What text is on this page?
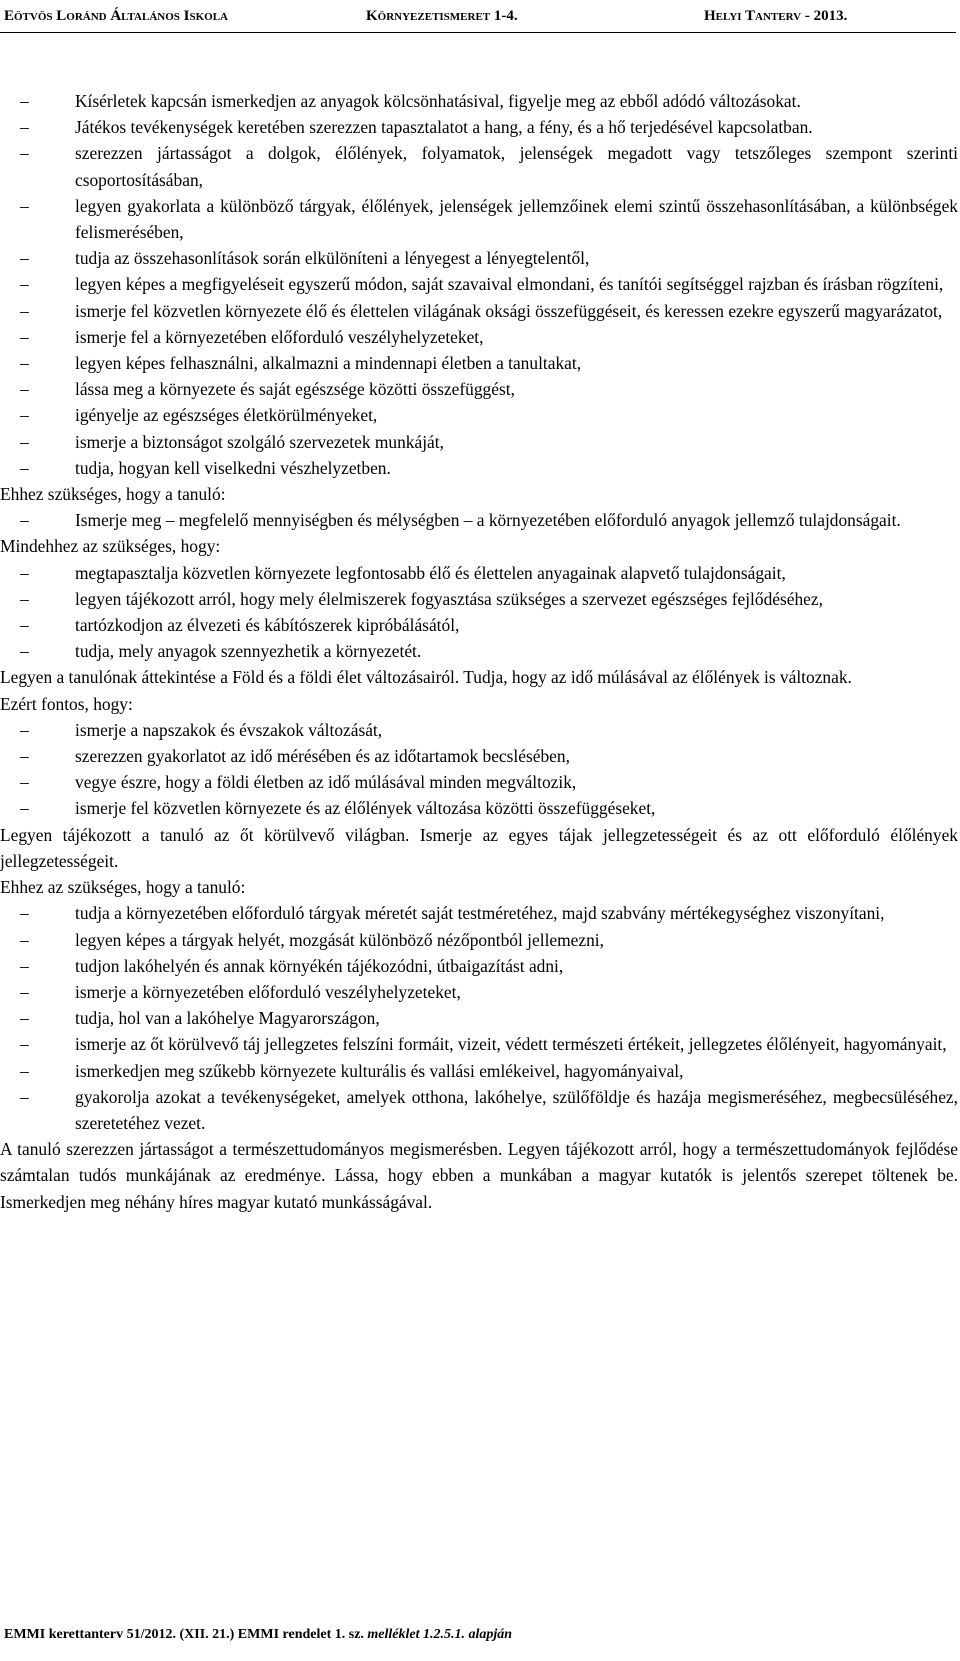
Eötvös Loránd Általános Iskola	Környezetismeret 1-4.	Helyi Tanterv - 2013.
–	Kísérletek kapcsán ismerkedjen az anyagok kölcsönhatásival, figyelje meg az ebből adódó változásokat.
–	Játékos tevékenységek keretében szerezzen tapasztalatot a hang, a fény, és a hő terjedésével kapcsolatban.
–	szerezzen jártasságot a dolgok, élőlények, folyamatok, jelenségek megadott vagy tetszőleges szempont szerinti csoportosításában,
–	legyen gyakorlata a különböző tárgyak, élőlények, jelenségek jellemzőinek elemi szintű összehasonlításában, a különbségek felismerésében,
–	tudja az összehasonlítások során elkülöníteni a lényegest a lényegtelentől,
–	legyen képes a megfigyeléseit egyszerű módon, saját szavaival elmondani, és tanítói segítséggel rajzban és írásban rögzíteni,
–	ismerje fel közvetlen környezete élő és élettelen világának oksági összefüggéseit, és keressen ezekre egyszerű magyarázatot,
–	ismerje fel a környezetében előforduló veszélyhelyzeteket,
–	legyen képes felhasználni, alkalmazni a mindennapi életben a tanultakat,
–	lássa meg a környezete és saját egészsége közötti összefüggést,
–	igényelje az egészséges életkörülményeket,
–	ismerje a biztonságot szolgáló szervezetek munkáját,
–	tudja, hogyan kell viselkedni vészhelyzetben.
Ehhez szükséges, hogy a tanuló:
–	Ismerje meg – megfelelő mennyiségben és mélységben – a környezetében előforduló anyagok jellemző tulajdonságait.
Mindehhez az szükséges, hogy:
–	megtapasztalja közvetlen környezete legfontosabb élő és élettelen anyagainak alapvető tulajdonságait,
–	legyen tájékozott arról, hogy mely élelmiszerek fogyasztása szükséges a szervezet egészséges fejlődéséhez,
–	tartózkodjon az élvezeti és kábítószerek kipróbálásától,
–	tudja, mely anyagok szennyezhetik a környezetét.
Legyen a tanulónak áttekintése a Föld és a földi élet változásairól. Tudja, hogy az idő múlásával az élőlények is változnak.
Ezért fontos, hogy:
–	ismerje a napszakok és évszakok változását,
–	szerezzen gyakorlatot az idő mérésében és az időtartamok becslésében,
–	vegye észre, hogy a földi életben az idő múlásával minden megváltozik,
–	ismerje fel közvetlen környezete és az élőlények változása közötti összefüggéseket,
Legyen tájékozott a tanuló az őt körülvevő világban. Ismerje az egyes tájak jellegzetességeit és az ott előforduló élőlények jellegzetességeit.
Ehhez az szükséges, hogy a tanuló:
–	tudja a környezetében előforduló tárgyak méretét saját testméretéhez, majd szabvány mértékegységhez viszonyítani,
–	legyen képes a tárgyak helyét, mozgását különböző nézőpontból jellemezni,
–	tudjon lakóhelyén és annak környékén tájékozódni, útbaigazítást adni,
–	ismerje a környezetében előforduló veszélyhelyzeteket,
–	tudja, hol van a lakóhelye Magyarországon,
–	ismerje az őt körülvevő táj jellegzetes felszíni formáit, vizeit, védett természeti értékeit, jellegzetes élőlényeit, hagyományait,
–	ismerkedjen meg szűkebb környezete kulturális és vallási emlékeivel, hagyományaival,
–	gyakorolja azokat a tevékenységeket, amelyek otthona, lakóhelye, szülőföldje és hazája megismeréséhez, megbecsüléséhez, szeretetéhez vezet.
A tanuló szerezzen jártasságot a természettudományos megismerésben. Legyen tájékozott arról, hogy a természettudományok fejlődése számtalan tudós munkájának az eredménye. Lássa, hogy ebben a munkában a magyar kutatók is jelentős szerepet töltenek be. Ismerkedjen meg néhány híres magyar kutató munkásságával.
EMMI kerettanterv 51/2012. (XII. 21.) EMMI rendelet 1. sz. melléklet 1.2.5.1. alapján
